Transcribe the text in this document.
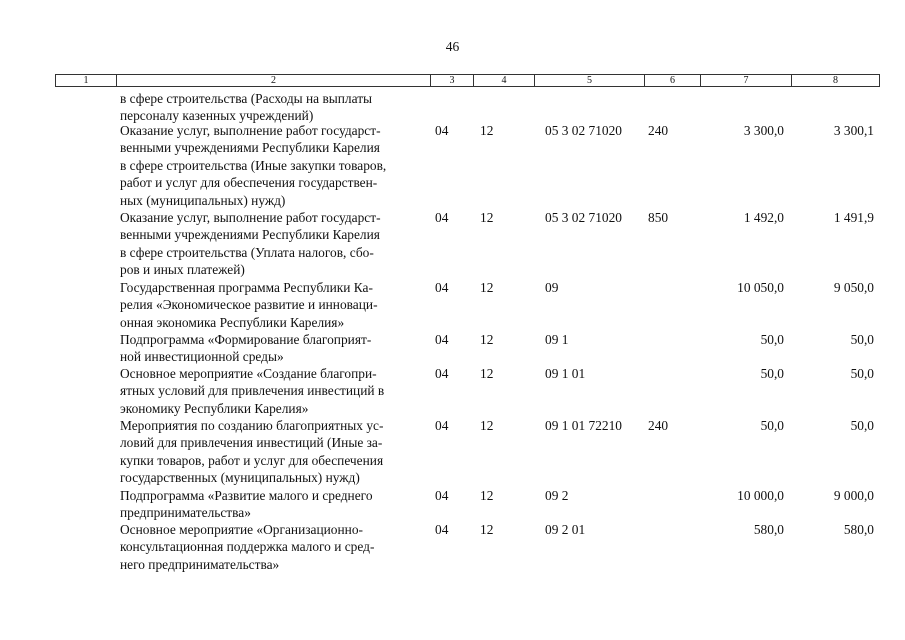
46
1	2	3	4	5	6	7	8
в сфере строительства (Расходы на выплаты
персоналу казенных учреждений)
Оказание услуг, выполнение работ государст-
венными учреждениями Республики Карелия
в сфере строительства (Иные закупки товаров,
работ и услуг для обеспечения государствен-
ных (муниципальных) нужд)
04 12	05 3 02 71020 240	3 300,0	3 300,1
Оказание услуг, выполнение работ государст-
венными учреждениями Республики Карелия
в сфере строительства (Уплата налогов, сбо-
ров и иных платежей)
04 12	05 3 02 71020 850	1 492,0	1 491,9
Государственная программа Республики Ка-
релия «Экономическое развитие и инноваци-
онная экономика Республики Карелия»
04 12	09	10 050,0	9 050,0
Подпрограмма «Формирование благоприят-
ной инвестиционной среды»
04 12	09 1	50,0	50,0
Основное мероприятие «Создание благопри-
ятных условий для привлечения инвестиций в
экономику Республики Карелия»
04 12	09 1 01	50,0	50,0
Мероприятия по созданию благоприятных ус-
ловий для привлечения инвестиций (Иные за-
купки товаров, работ и услуг для обеспечения
государственных (муниципальных) нужд)
04 12	09 1 01 72210 240	50,0	50,0
Подпрограмма «Развитие малого и среднего
предпринимательства»
04 12	09 2	10 000,0	9 000,0
Основное мероприятие «Организационно-
консультационная поддержка малого и сред-
него предпринимательства»
04 12	09 2 01	580,0	580,0
